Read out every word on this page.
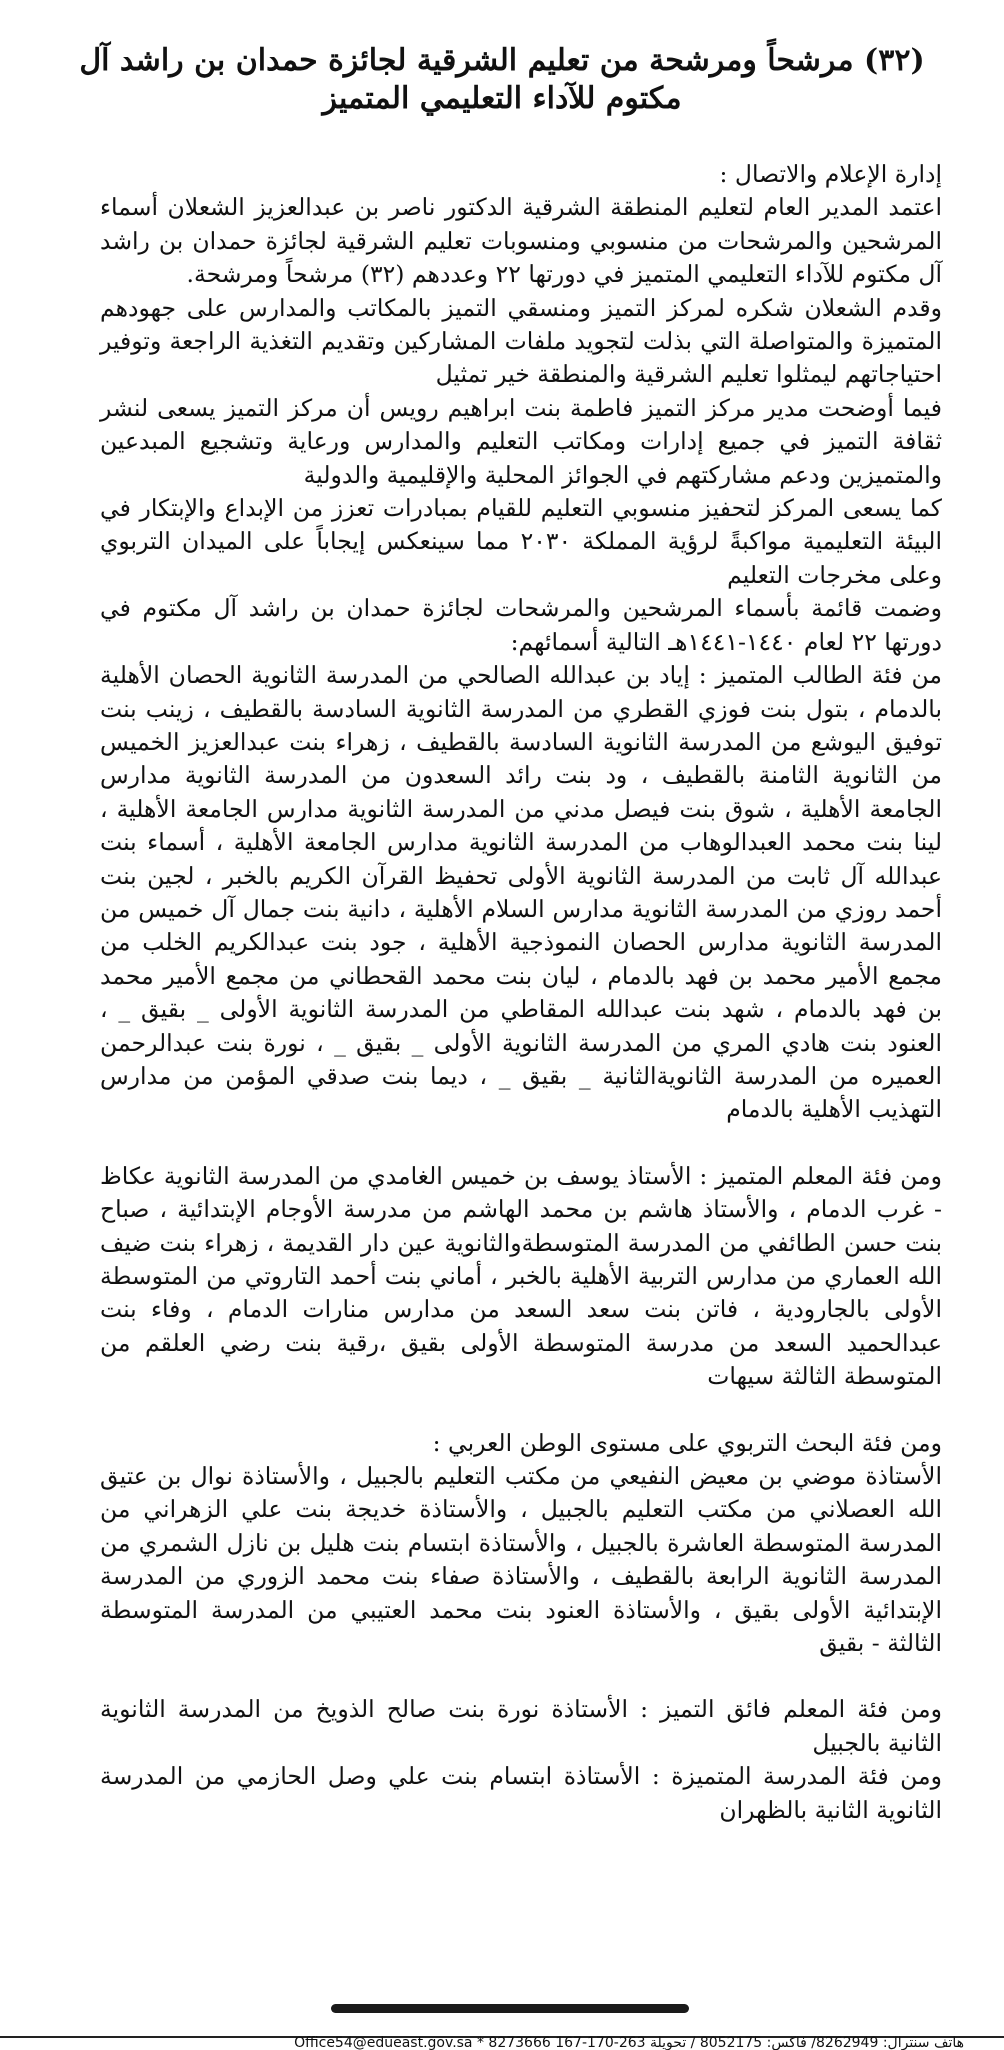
(٣٢) مرشحاً ومرشحة من تعليم الشرقية لجائزة حمدان بن راشد آل مكتوم للآداء التعليمي المتميز

إدارة الإعلام والاتصال :

اعتمد المدير العام لتعليم المنطقة الشرقية الدكتور ناصر بن عبدالعزيز الشعلان أسماء المرشحين والمرشحات من منسوبي ومنسوبات تعليم الشرقية لجائزة حمدان بن راشد آل مكتوم للآداء التعليمي المتميز في دورتها ٢٢ وعددهم (٣٢) مرشحاً ومرشحة.

وقدم الشعلان شكره لمركز التميز ومنسقي التميز بالمكاتب والمدارس على جهودهم المتميزة والمتواصلة التي بذلت لتجويد ملفات المشاركين وتقديم التغذية الراجعة وتوفير احتياجاتهم ليمثلوا تعليم الشرقية والمنطقة خير تمثيل

فيما أوضحت مدير مركز التميز فاطمة بنت ابراهيم رويس أن مركز التميز يسعى لنشر ثقافة التميز في جميع إدارات ومكاتب التعليم والمدارس ورعاية وتشجيع المبدعين والمتميزين ودعم مشاركتهم في الجوائز المحلية والإقليمية والدولية

كما يسعى المركز لتحفيز منسوبي التعليم للقيام بمبادرات تعزز من الإبداع والإبتكار في البيئة التعليمية مواكبةً لرؤية المملكة ٢٠٣٠ مما سينعكس إيجاباً على الميدان التربوي وعلى مخرجات التعليم

وضمت قائمة بأسماء المرشحين والمرشحات لجائزة حمدان بن راشد آل مكتوم في دورتها ٢٢ لعام ١٤٤٠-١٤٤١هـ التالية أسمائهم:

من فئة الطالب المتميز : إياد بن عبدالله الصالحي من المدرسة الثانوية الحصان الأهلية بالدمام ، بتول بنت فوزي القطري من المدرسة الثانوية السادسة بالقطيف ، زينب بنت توفيق اليوشع من المدرسة الثانوية السادسة بالقطيف ، زهراء بنت عبدالعزيز الخميس من الثانوية الثامنة بالقطيف ، ود بنت رائد السعدون من المدرسة الثانوية مدارس الجامعة الأهلية ، شوق بنت فيصل مدني من المدرسة الثانوية مدارس الجامعة الأهلية ، لينا بنت محمد العبدالوهاب من المدرسة الثانوية مدارس الجامعة الأهلية ، أسماء بنت عبدالله آل ثابت من المدرسة الثانوية الأولى تحفيظ القرآن الكريم بالخبر ، لجين بنت أحمد روزي من المدرسة الثانوية مدارس السلام الأهلية ، دانية بنت جمال آل خميس من المدرسة الثانوية مدارس الحصان النموذجية الأهلية ، جود بنت عبدالكريم الخلب من مجمع الأمير محمد بن فهد بالدمام ، ليان بنت محمد القحطاني من مجمع الأمير محمد بن فهد بالدمام ، شهد بنت عبدالله المقاطي من المدرسة الثانوية الأولى _ بقيق _ ، العنود بنت هادي المري من المدرسة الثانوية الأولى _ بقيق _ ، نورة بنت عبدالرحمن العميره من المدرسة الثانويةالثانية _ بقيق _ ، ديما بنت صدقي المؤمن من مدارس التهذيب الأهلية بالدمام

ومن فئة المعلم المتميز : الأستاذ يوسف بن خميس الغامدي من المدرسة الثانوية عكاظ - غرب الدمام ، والأستاذ هاشم بن محمد الهاشم من مدرسة الأوجام الإبتدائية ، صباح بنت حسن الطائفي من المدرسة المتوسطةوالثانوية عين دار القديمة ، زهراء بنت ضيف الله العماري من مدارس التربية الأهلية بالخبر ، أماني بنت أحمد التاروتي من المتوسطة الأولى بالجارودية ، فاتن بنت سعد السعد من مدارس منارات الدمام ، وفاء بنت عبدالحميد السعد من مدرسة المتوسطة الأولى بقيق ،رقية بنت رضي العلقم من المتوسطة الثالثة سيهات

ومن فئة البحث التربوي على مستوى الوطن العربي :

الأستاذة موضي بن معيض النفيعي من مكتب التعليم بالجبيل ، والأستاذة نوال بن عتيق الله العصلاني من مكتب التعليم بالجبيل ، والأستاذة خديجة بنت علي الزهراني من المدرسة المتوسطة العاشرة بالجبيل ، والأستاذة ابتسام بنت هليل بن نازل الشمري من المدرسة الثانوية الرابعة بالقطيف ، والأستاذة صفاء بنت محمد الزوري من المدرسة الإبتدائية الأولى بقيق ، والأستاذة العنود بنت محمد العتيبي من المدرسة المتوسطة الثالثة - بقيق

ومن فئة المعلم فائق التميز : الأستاذة نورة بنت صالح الذويخ من المدرسة الثانوية الثانية بالجبيل

ومن فئة المدرسة المتميزة : الأستاذة ابتسام بنت علي وصل الحازمي من المدرسة الثانوية الثانية بالظهران

هاتف سنترال: 8262949/ فاكس: 8052175 / تحويلة 263-170-167 8273666 * Office54@edueast.gov.sa
